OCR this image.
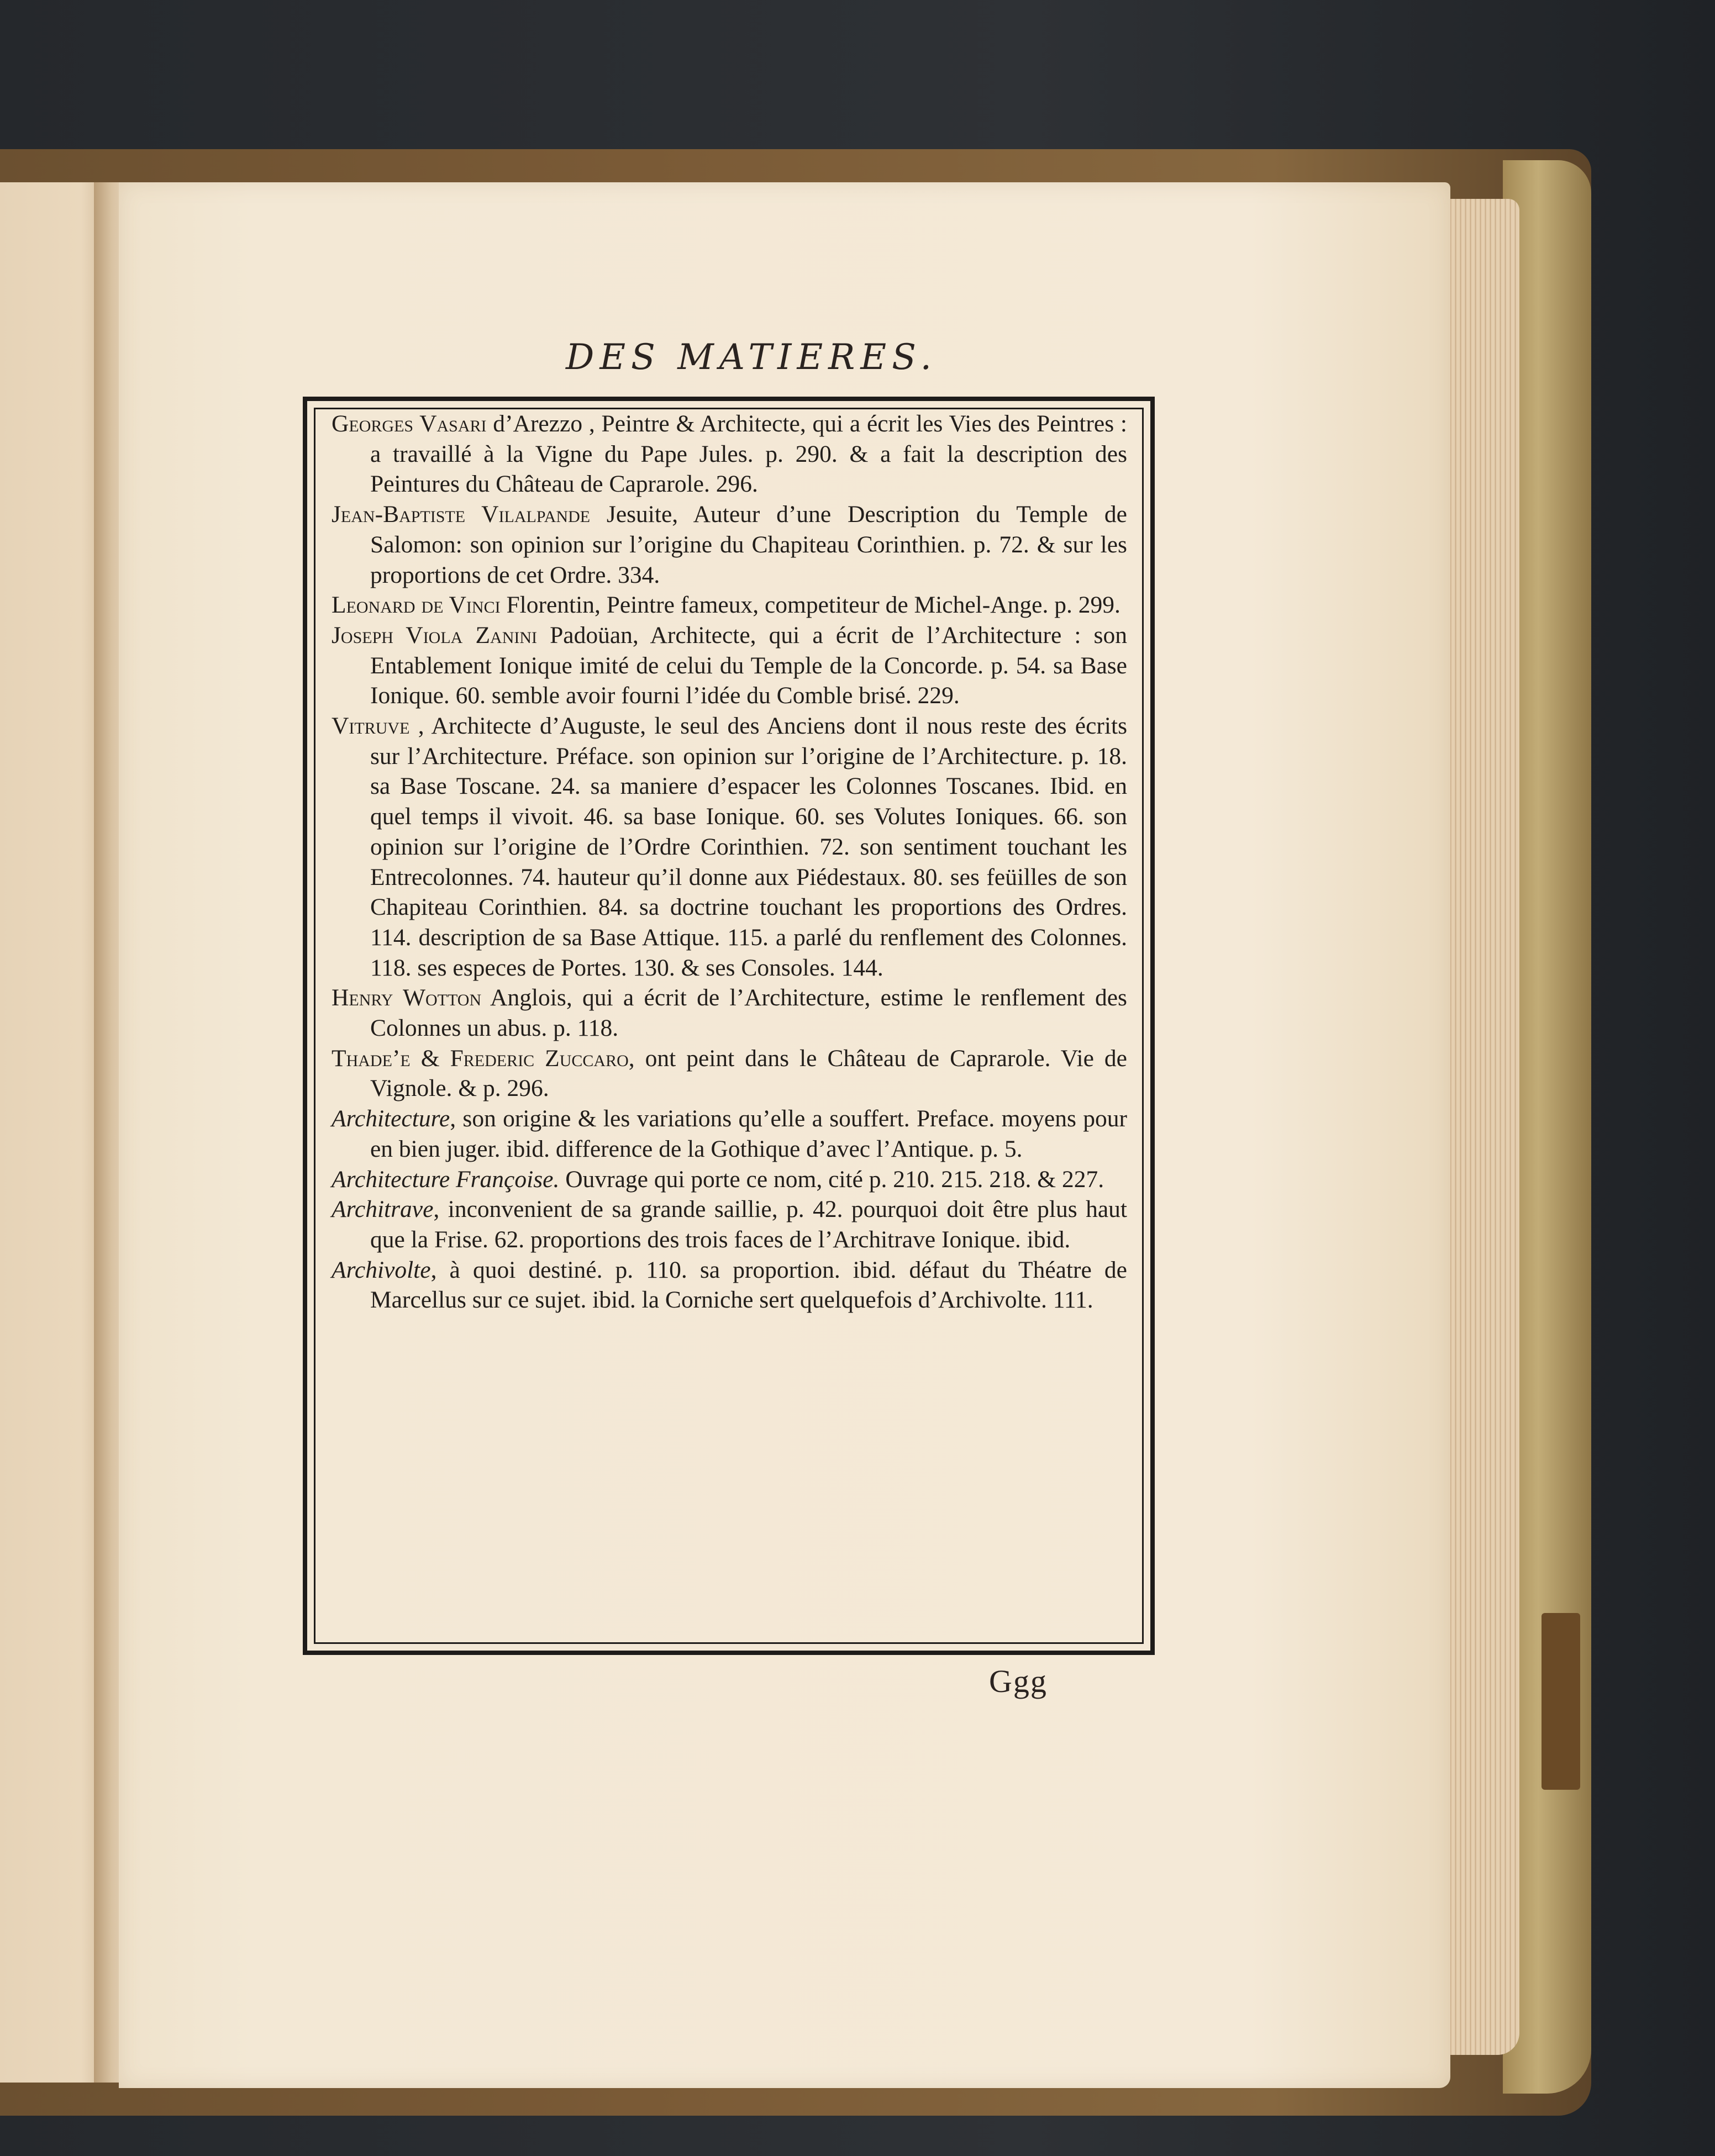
DES MATIERES.

Georges Vasari d’Arezzo , Peintre & Architecte, qui a écrit les Vies des Peintres : a travaillé à la Vigne du Pape Jules. p. 290. & a fait la description des Peintures du Château de Caprarole. 296.

Jean-Baptiste Vilalpande Jesuite, Auteur d’une Description du Temple de Salomon: son opinion sur l’origine du Chapiteau Corinthien. p. 72. & sur les proportions de cet Ordre. 334.

Leonard de Vinci Florentin, Peintre fameux, competiteur de Michel-Ange. p. 299.

Joseph Viola Zanini Padoüan, Architecte, qui a écrit de l’Architecture : son Entablement Ionique imité de celui du Temple de la Concorde. p. 54. sa Base Ionique. 60. semble avoir fourni l’idée du Comble brisé. 229.

Vitruve , Architecte d’Auguste, le seul des Anciens dont il nous reste des écrits sur l’Architecture. Préface. son opinion sur l’origine de l’Architecture. p. 18. sa Base Toscane. 24. sa maniere d’espacer les Colonnes Toscanes. Ibid. en quel temps il vivoit. 46. sa base Ionique. 60. ses Volutes Ioniques. 66. son opinion sur l’origine de l’Ordre Corinthien. 72. son sentiment touchant les Entrecolonnes. 74. hauteur qu’il donne aux Piédestaux. 80. ses feüilles de son Chapiteau Corinthien. 84. sa doctrine touchant les proportions des Ordres. 114. description de sa Base Attique. 115. a parlé du renflement des Colonnes. 118. ses especes de Portes. 130. & ses Consoles. 144.

Henry Wotton Anglois, qui a écrit de l’Architecture, estime le renflement des Colonnes un abus. p. 118.

Thade’e & Frederic Zuccaro, ont peint dans le Château de Caprarole. Vie de Vignole. & p. 296.

Architecture, son origine & les variations qu’elle a souffert. Preface. moyens pour en bien juger. ibid. difference de la Gothique d’avec l’Antique. p. 5.

Architecture Françoise. Ouvrage qui porte ce nom, cité p. 210. 215. 218. & 227.

Architrave, inconvenient de sa grande saillie, p. 42. pourquoi doit être plus haut que la Frise. 62. proportions des trois faces de l’Architrave Ionique. ibid.

Archivolte, à quoi destiné. p. 110. sa proportion. ibid. défaut du Théatre de Marcellus sur ce sujet. ibid. la Corniche sert quelquefois d’Archivolte. 111.

Ggg
